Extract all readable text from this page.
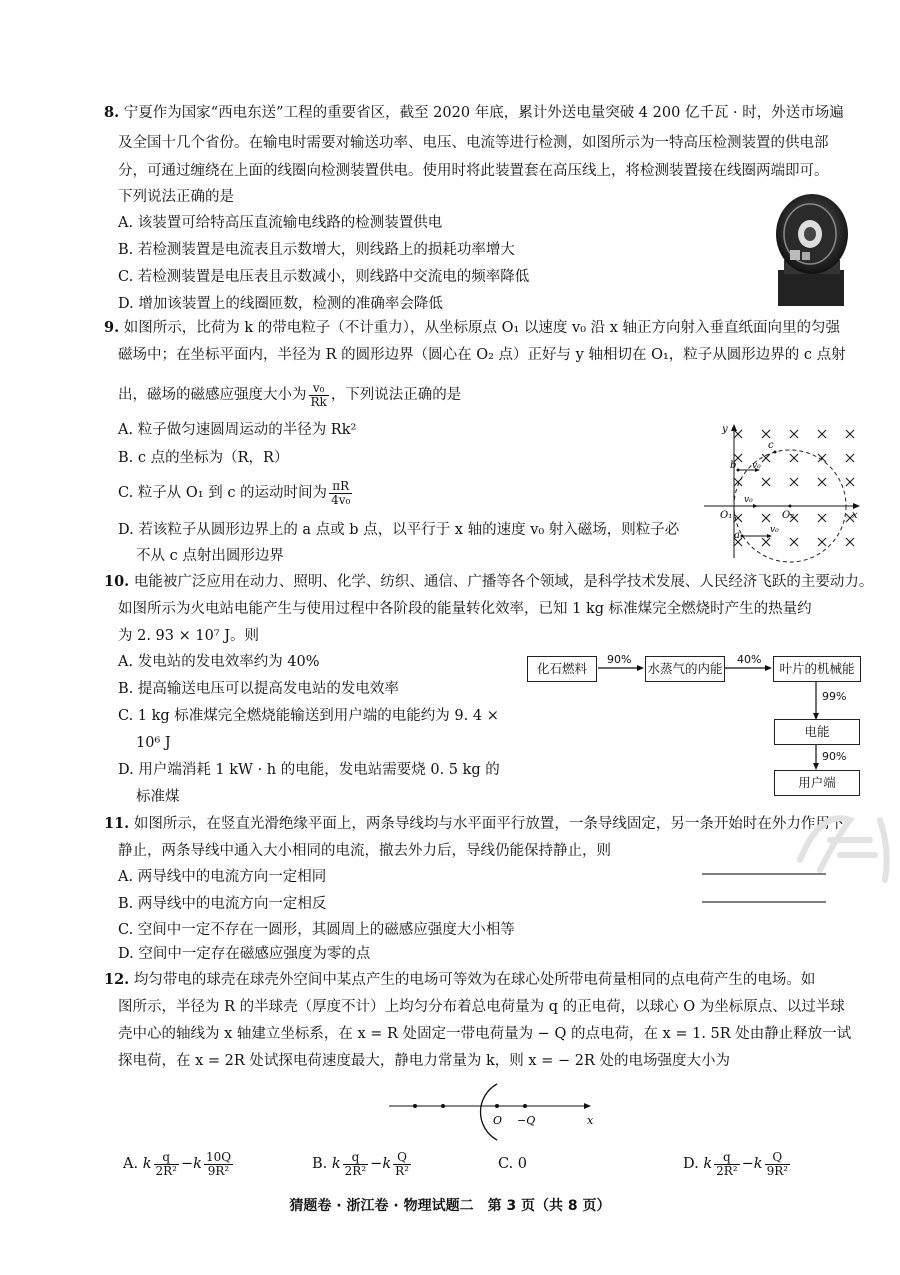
8. 宁夏作为国家“西电东送”工程的重要省区，截至 2020 年底，累计外送电量突破 4 200 亿千瓦 · 时，外送市场遍
及全国十几个省份。在输电时需要对输送功率、电压、电流等进行检测，如图所示为一特高压检测装置的供电部
分，可通过缠绕在上面的线圈向检测装置供电。使用时将此装置套在高压线上，将检测装置接在线圈两端即可。
下列说法正确的是
A. 该装置可给特高压直流输电线路的检测装置供电
B. 若检测装置是电流表且示数增大，则线路上的损耗功率增大
C. 若检测装置是电压表且示数减小，则线路中交流电的频率降低
D. 增加该装置上的线圈匝数，检测的准确率会降低
9. 如图所示，比荷为 k 的带电粒子（不计重力），从坐标原点 O₁ 以速度 v₀ 沿 x 轴正方向射入垂直纸面向里的匀强
磁场中；在坐标平面内，半径为 R 的圆形边界（圆心在 O₂ 点）正好与 y 轴相切在 O₁，粒子从圆形边界的 c 点射
出，磁场的磁感应强度大小为 $\frac{\text{v₀}}{Rk}$ ，下列说法正确的是
A. 粒子做匀速圆周运动的半径为 Rk²
B. c 点的坐标为（R，R）
C. 粒子从 O₁ 到 c 的运动时间为 $\frac{\pi R}{\text{4v₀}}$
D. 若该粒子从圆形边界上的 a 点或 b 点，以平行于 x 轴的速度 v₀ 射入磁场，则粒子必
不从 c 点射出圆形边界
y
x
c
b v₀
v₀
O₁	O₂
a	v₀
10. 电能被广泛应用在动力、照明、化学、纺织、通信、广播等各个领域，是科学技术发展、人民经济飞跃的主要动力。
如图所示为火电站电能产生与使用过程中各阶段的能量转化效率，已知 1 kg 标准煤完全燃烧时产生的热量约
为 2. 93 × 10⁷ J。则
A. 发电站的发电效率约为 40%
B. 提高输送电压可以提高发电站的发电效率
C. 1 kg 标准煤完全燃烧能输送到用户端的电能约为 9. 4 ×
10⁶ J
D. 用户端消耗 1 kW · h 的电能，发电站需要烧 0. 5 kg 的
标准煤
化石燃料	水蒸气的内能	叶片的机械能
电能
用户端
90%	40%
99%
90%
11. 如图所示，在竖直光滑绝缘平面上，两条导线均与水平面平行放置，一条导线固定，另一条开始时在外力作用下
静止，两条导线中通入大小相同的电流，撤去外力后，导线仍能保持静止，则
A. 两导线中的电流方向一定相同
B. 两导线中的电流方向一定相反
C. 空间中一定不存在一圆形，其圆周上的磁感应强度大小相等
D. 空间中一定存在磁感应强度为零的点
12. 均匀带电的球壳在球壳外空间中某点产生的电场可等效为在球心处所带电荷量相同的点电荷产生的电场。如
图所示，半径为 R 的半球壳（厚度不计）上均匀分布着总电荷量为 q 的正电荷，以球心 O 为坐标原点、以过半球
壳中心的轴线为 x 轴建立坐标系，在 x = R 处固定一带电荷量为 − Q 的点电荷，在 x = 1. 5R 处由静止释放一试
探电荷，在 x = 2R 处试探电荷速度最大，静电力常量为 k，则 x = − 2R 处的电场强度大小为
O −Q	x
A. k $\frac{q}{\text{2R²}} -k \frac{10Q}{\text{9R²}}$	B. k $\frac{q}{\text{2R²}} -k \frac{Q}{\text{R²}}$	C. 0	D. k $\frac{q}{\text{2R²}} -k \frac{Q}{\text{9R²}}$
猜题卷 · 浙江卷 · 物理试题二　第 3 页（共 8 页）
